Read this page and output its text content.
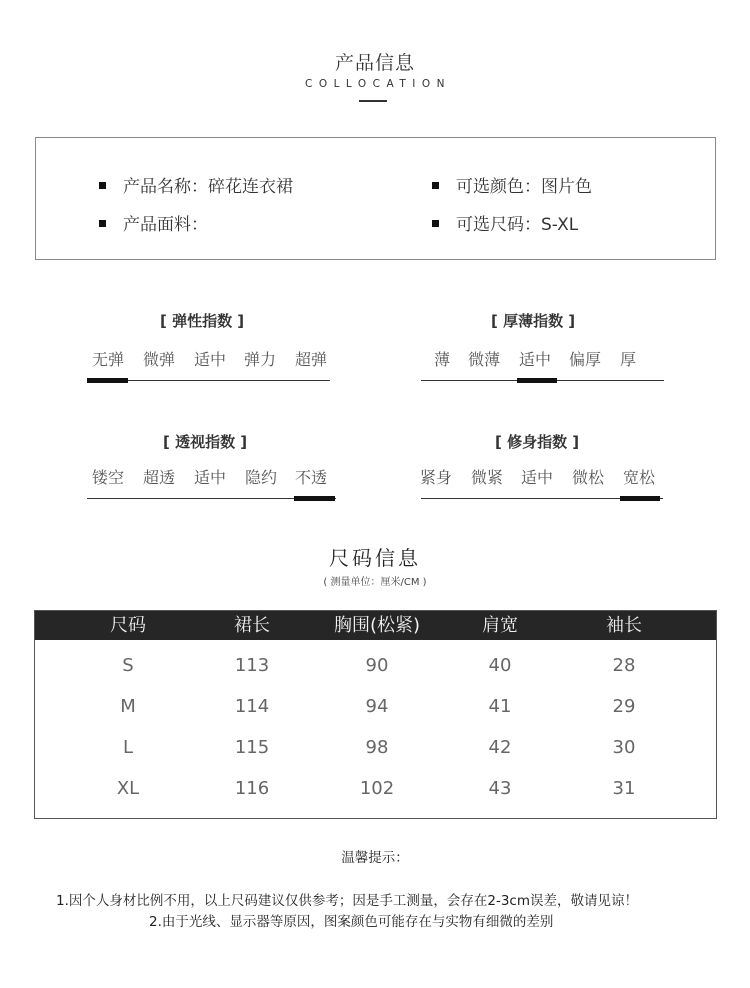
产品信息
COLLOCATION
产品名称：碎花连衣裙
产品面料：
可选颜色：图片色
可选尺码：S-XL
[ 弹性指数 ]
无弹 微弹 适中 弹力 超弹
[ 厚薄指数 ]
薄 微薄 适中 偏厚 厚
[ 透视指数 ]
镂空 超透 适中 隐约 不透
[ 修身指数 ]
紧身 微紧 适中 微松 宽松
尺码信息
( 测量单位：厘米/CM )
尺码	裙长	胸围(松紧)	肩宽	袖长
S	113	90	40	28
M	114	94	41	29
L	115	98	42	30
XL	116	102	43	31
温馨提示：
1.因个人身材比例不用，以上尺码建议仅供参考；因是手工测量，会存在2-3cm误差，敬请见谅！
2.由于光线、显示器等原因，图案颜色可能存在与实物有细微的差别
